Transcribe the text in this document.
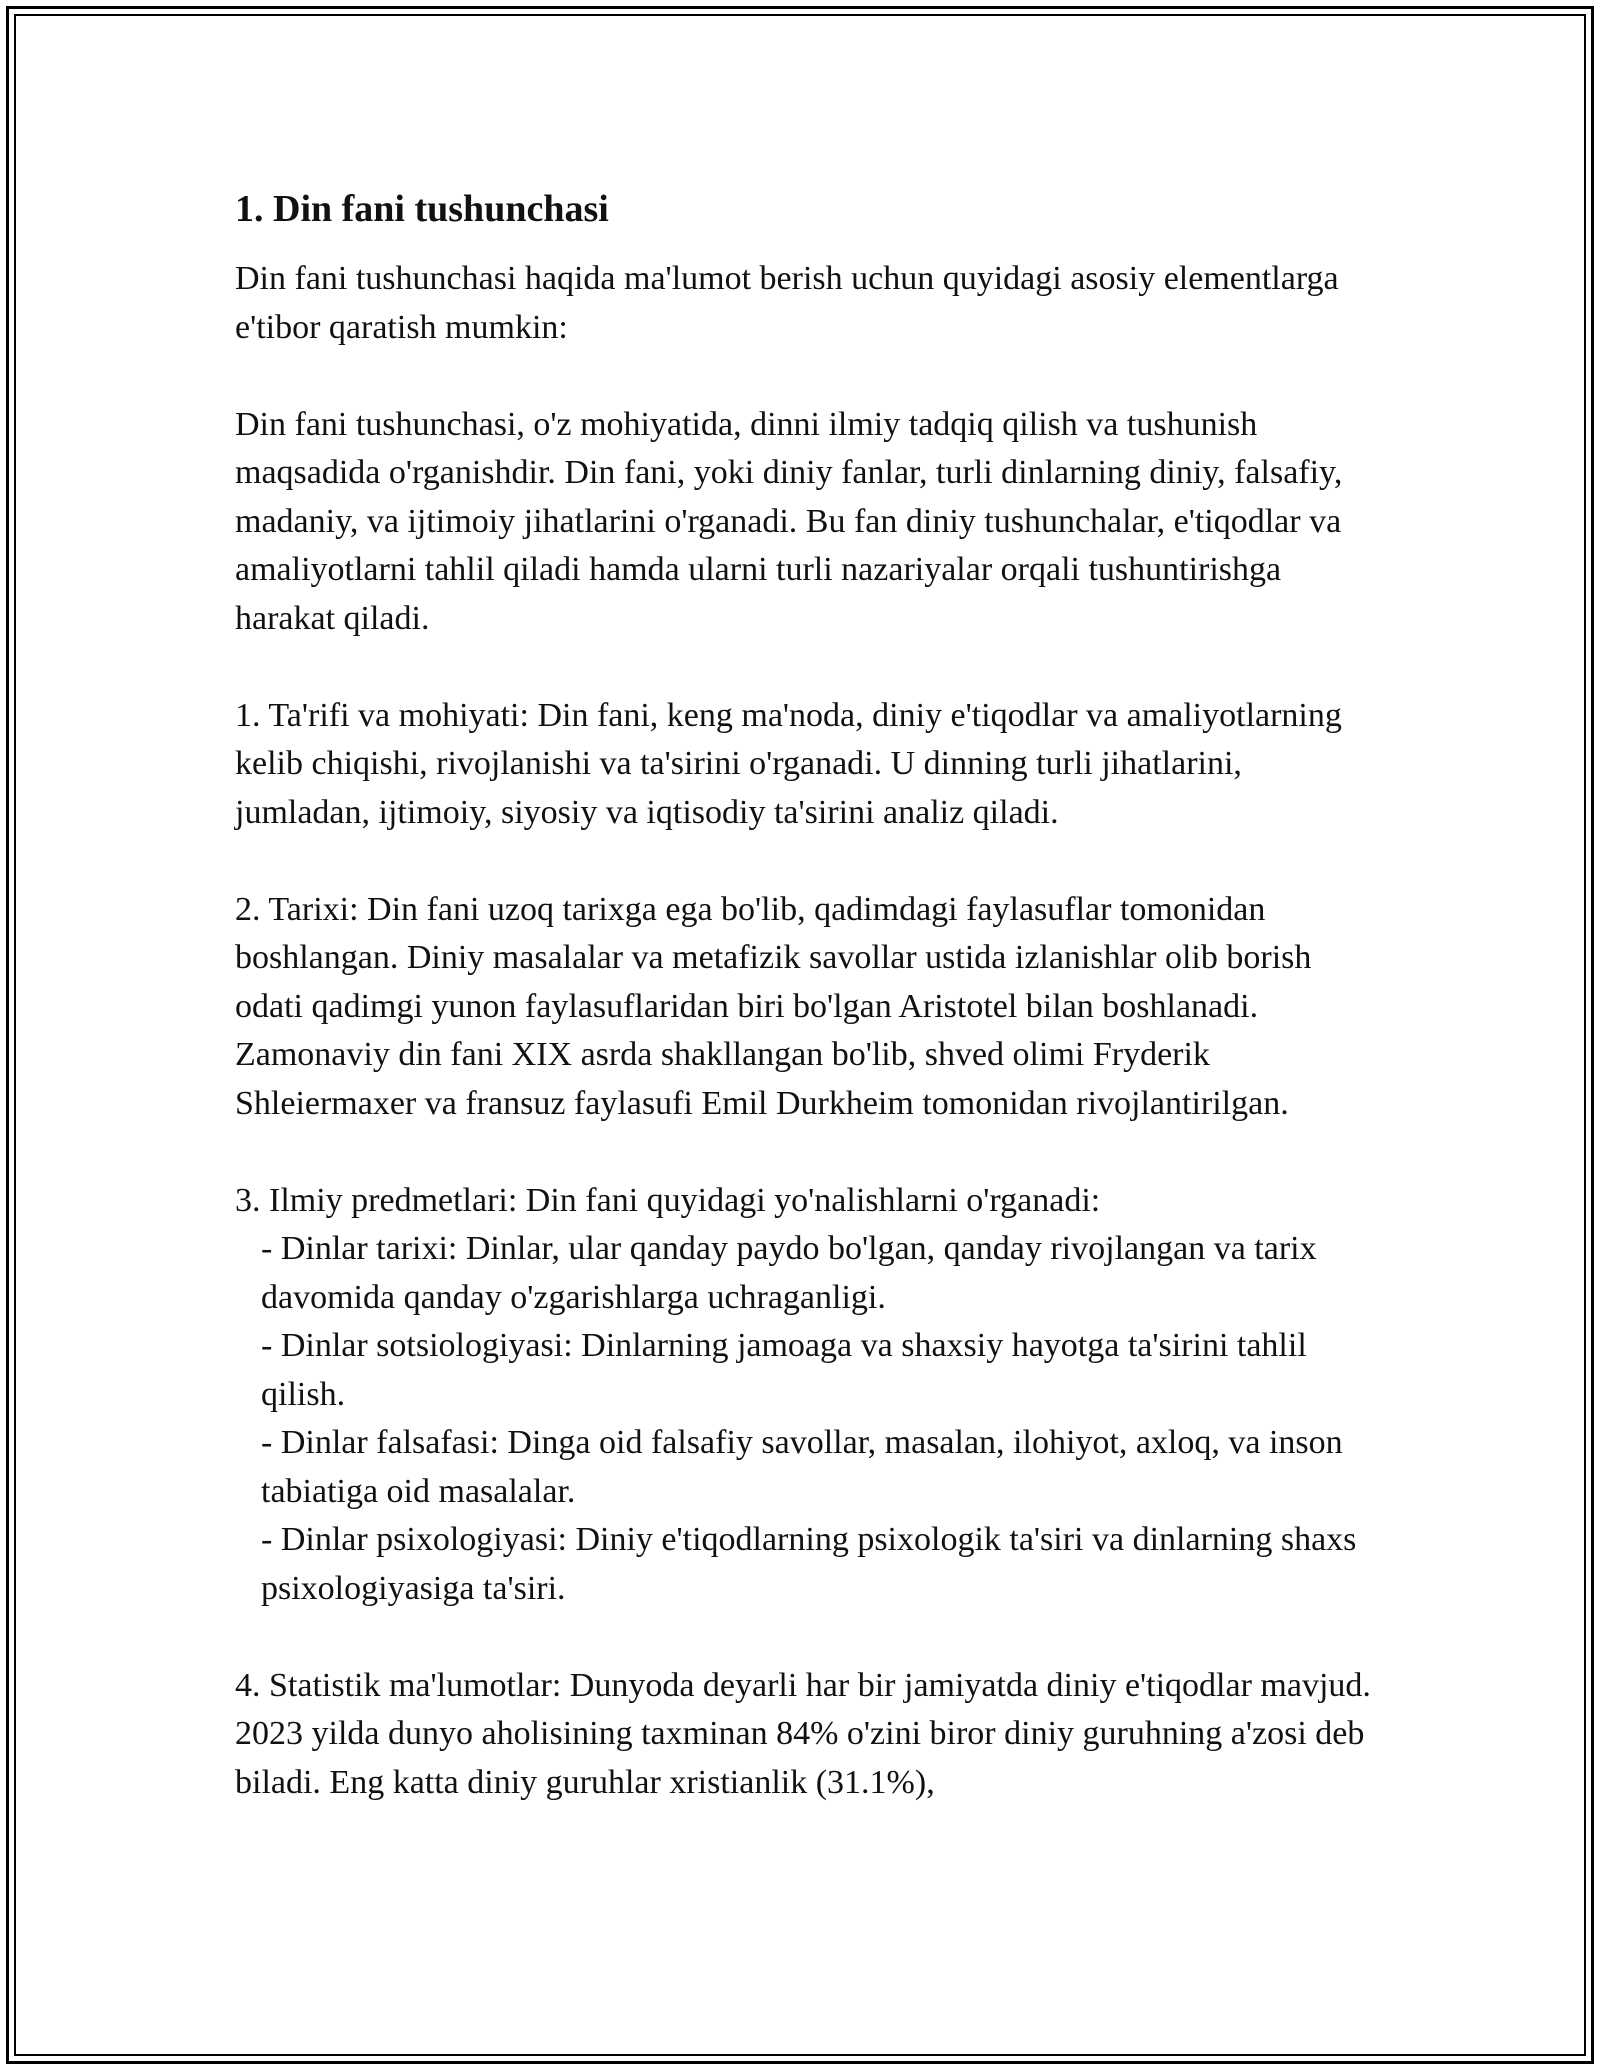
1. Din fani tushunchasi
Din fani tushunchasi haqida ma'lumot berish uchun quyidagi asosiy elementlarga e'tibor qaratish mumkin:
Din fani tushunchasi, o'z mohiyatida, dinni ilmiy tadqiq qilish va tushunish maqsadida o'rganishdir. Din fani, yoki diniy fanlar, turli dinlarning diniy, falsafiy, madaniy, va ijtimoiy jihatlarini o'rganadi. Bu fan diniy tushunchalar, e'tiqodlar va amaliyotlarni tahlil qiladi hamda ularni turli nazariyalar orqali tushuntirishga harakat qiladi.
1. Ta'rifi va mohiyati: Din fani, keng ma'noda, diniy e'tiqodlar va amaliyotlarning kelib chiqishi, rivojlanishi va ta'sirini o'rganadi. U dinning turli jihatlarini, jumladan, ijtimoiy, siyosiy va iqtisodiy ta'sirini analiz qiladi.
2. Tarixi: Din fani uzoq tarixga ega bo'lib, qadimdagi faylasuflar tomonidan boshlangan. Diniy masalalar va metafizik savollar ustida izlanishlar olib borish odati qadimgi yunon faylasuflaridan biri bo'lgan Aristotel bilan boshlanadi. Zamonaviy din fani XIX asrda shakllangan bo'lib, shved olimi Fryderik Shleiermaxer va fransuz faylasufi Emil Durkheim tomonidan rivojlantirilgan.
3. Ilmiy predmetlari: Din fani quyidagi yo'nalishlarni o'rganadi:
- Dinlar tarixi: Dinlar, ular qanday paydo bo'lgan, qanday rivojlangan va tarix davomida qanday o'zgarishlarga uchraganligi.
- Dinlar sotsiologiyasi: Dinlarning jamoaga va shaxsiy hayotga ta'sirini tahlil qilish.
- Dinlar falsafasi: Dinga oid falsafiy savollar, masalan, ilohiyot, axloq, va inson tabiatiga oid masalalar.
- Dinlar psixologiyasi: Diniy e'tiqodlarning psixologik ta'siri va dinlarning shaxs psixologiyasiga ta'siri.
4. Statistik ma'lumotlar: Dunyoda deyarli har bir jamiyatda diniy e'tiqodlar mavjud. 2023 yilda dunyo aholisining taxminan 84% o'zini biror diniy guruhning a'zosi deb biladi. Eng katta diniy guruhlar xristianlik (31.1%),
